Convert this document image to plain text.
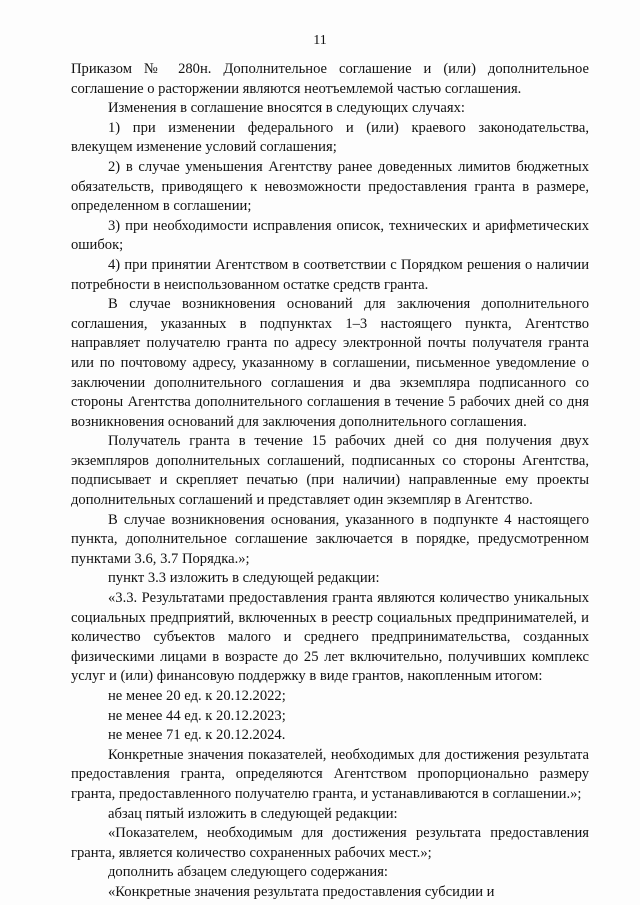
11

Приказом № 280н. Дополнительное соглашение и (или) дополнительное соглашение о расторжении являются неотъемлемой частью соглашения.

Изменения в соглашение вносятся в следующих случаях:

1) при изменении федерального и (или) краевого законодательства, влекущем изменение условий соглашения;

2) в случае уменьшения Агентству ранее доведенных лимитов бюджетных обязательств, приводящего к невозможности предоставления гранта в размере, определенном в соглашении;

3) при необходимости исправления описок, технических и арифметических ошибок;

4) при принятии Агентством в соответствии с Порядком решения о наличии потребности в неиспользованном остатке средств гранта.

В случае возникновения оснований для заключения дополнительного соглашения, указанных в подпунктах 1–3 настоящего пункта, Агентство направляет получателю гранта по адресу электронной почты получателя гранта или по почтовому адресу, указанному в соглашении, письменное уведомление о заключении дополнительного соглашения и два экземпляра подписанного со стороны Агентства дополнительного соглашения в течение 5 рабочих дней со дня возникновения оснований для заключения дополнительного соглашения.

Получатель гранта в течение 15 рабочих дней со дня получения двух экземпляров дополнительных соглашений, подписанных со стороны Агентства, подписывает и скрепляет печатью (при наличии) направленные ему проекты дополнительных соглашений и представляет один экземпляр в Агентство.

В случае возникновения основания, указанного в подпункте 4 настоящего пункта, дополнительное соглашение заключается в порядке, предусмотренном пунктами 3.6, 3.7 Порядка.»;

пункт 3.3 изложить в следующей редакции:

«3.3. Результатами предоставления гранта являются количество уникальных социальных предприятий, включенных в реестр социальных предпринимателей, и количество субъектов малого и среднего предпринимательства, созданных физическими лицами в возрасте до 25 лет включительно, получивших комплекс услуг и (или) финансовую поддержку в виде грантов, накопленным итогом:

не менее 20 ед. к 20.12.2022;

не менее 44 ед. к 20.12.2023;

не менее 71 ед. к 20.12.2024.

Конкретные значения показателей, необходимых для достижения результата предоставления гранта, определяются Агентством пропорционально размеру гранта, предоставленного получателю гранта, и устанавливаются в соглашении.»;

абзац пятый изложить в следующей редакции:

«Показателем, необходимым для достижения результата предоставления гранта, является количество сохраненных рабочих мест.»;

дополнить абзацем следующего содержания:

«Конкретные значения результата предоставления субсидии и
